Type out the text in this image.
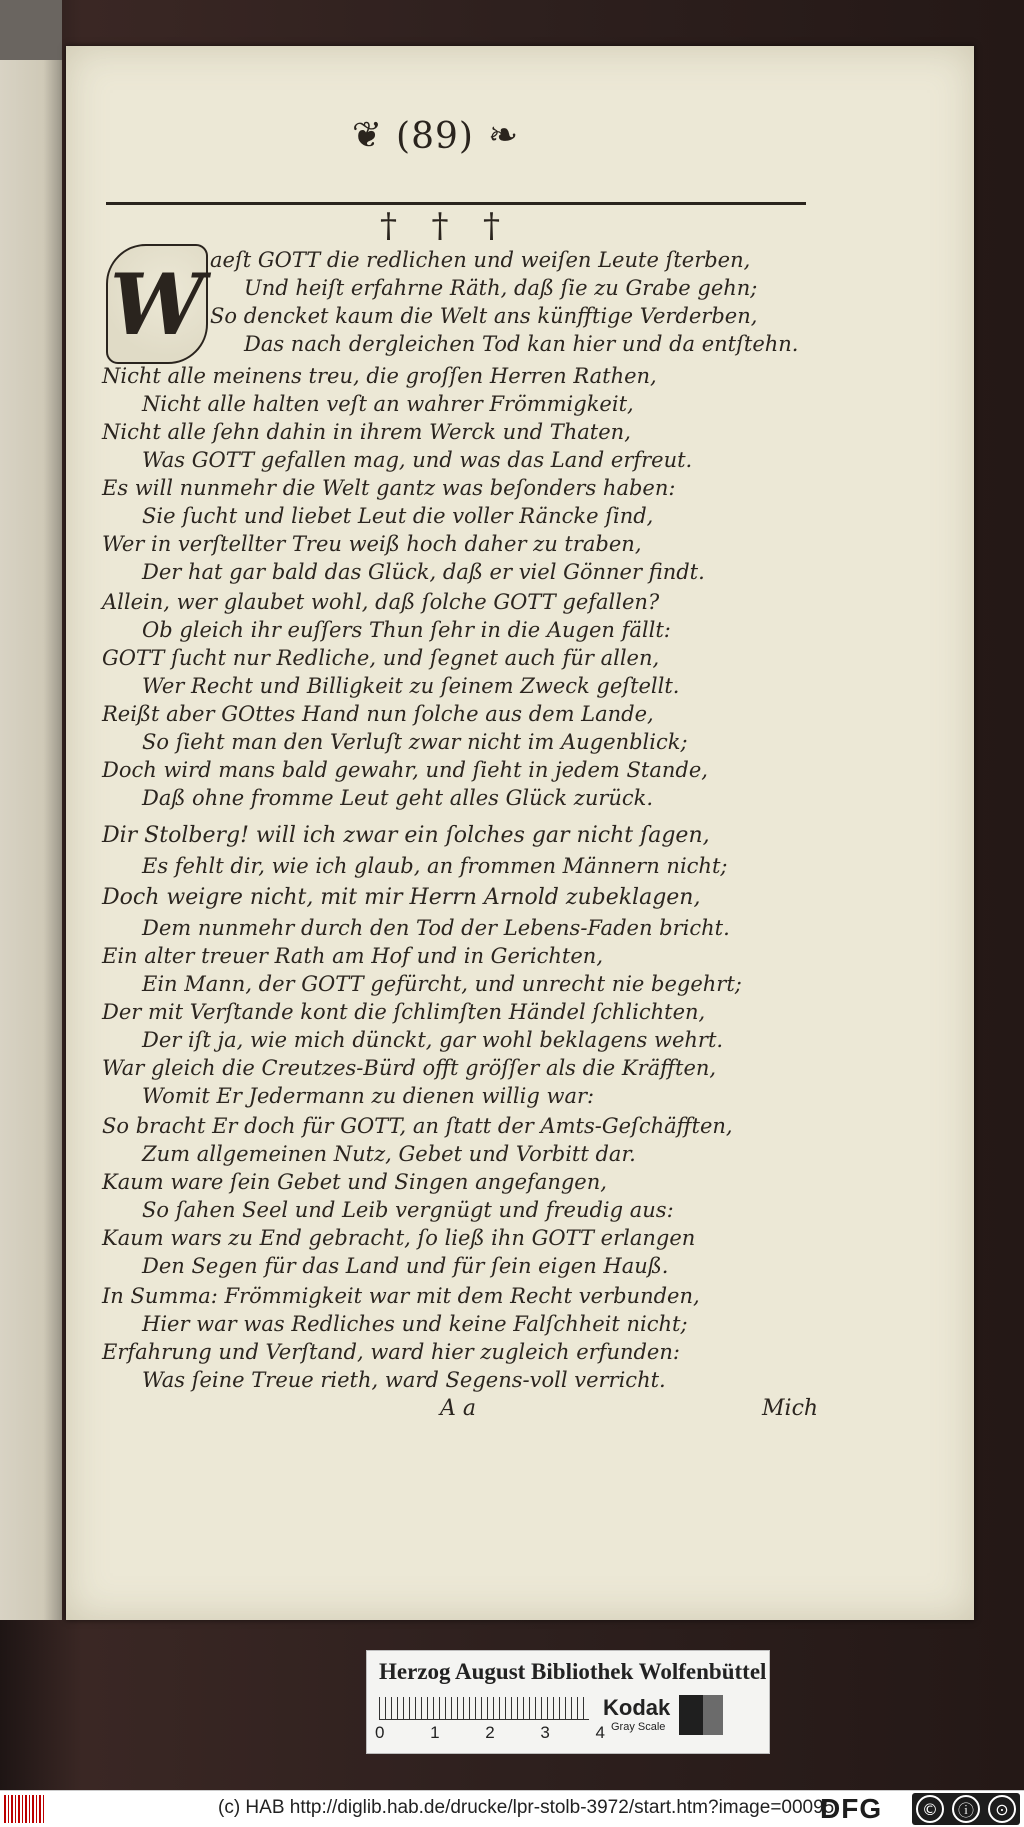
❦ (89) ❧
† † †
W aeſt GOTT die redlichen und weiſen Leute ſterben,
Und heiſt erfahrne Räth, daß ſie zu Grabe gehn;
So dencket kaum die Welt ans künfftige Verderben,
Das nach dergleichen Tod kan hier und da entſtehn.
Nicht alle meinens treu, die groſſen Herren Rathen,
Nicht alle halten veſt an wahrer Frömmigkeit,
Nicht alle ſehn dahin in ihrem Werck und Thaten,
Was GOTT gefallen mag, und was das Land erfreut.
Es will nunmehr die Welt gantz was beſonders haben:
Sie ſucht und liebet Leut die voller Räncke ſind,
Wer in verſtellter Treu weiß hoch daher zu traben,
Der hat gar bald das Glück, daß er viel Gönner findt.
Allein, wer glaubet wohl, daß ſolche GOTT gefallen?
Ob gleich ihr euſſers Thun ſehr in die Augen fällt:
GOTT ſucht nur Redliche, und ſegnet auch für allen,
Wer Recht und Billigkeit zu ſeinem Zweck geſtellt.
Reißt aber GOttes Hand nun ſolche aus dem Lande,
So ſieht man den Verluſt zwar nicht im Augenblick;
Doch wird mans bald gewahr, und ſieht in jedem Stande,
Daß ohne fromme Leut geht alles Glück zurück.
Dir Stolberg! will ich zwar ein ſolches gar nicht ſagen,
Es fehlt dir, wie ich glaub, an frommen Männern nicht;
Doch weigre nicht, mit mir Herrn Arnold zubeklagen,
Dem nunmehr durch den Tod der Lebens-Faden bricht.
Ein alter treuer Rath am Hof und in Gerichten,
Ein Mann, der GOTT gefürcht, und unrecht nie begehrt;
Der mit Verſtande kont die ſchlimſten Händel ſchlichten,
Der iſt ja, wie mich dünckt, gar wohl beklagens wehrt.
War gleich die Creutzes-Bürd offt gröſſer als die Kräfften,
Womit Er Jedermann zu dienen willig war:
So bracht Er doch für GOTT, an ſtatt der Amts-Geſchäfften,
Zum allgemeinen Nutz, Gebet und Vorbitt dar.
Kaum ware ſein Gebet und Singen angefangen,
So ſahen Seel und Leib vergnügt und freudig aus:
Kaum wars zu End gebracht, ſo ließ ihn GOTT erlangen
Den Segen für das Land und für ſein eigen Hauß.
In Summa: Frömmigkeit war mit dem Recht verbunden,
Hier war was Redliches und keine Falſchheit nicht;
Erfahrung und Verſtand, ward hier zugleich erfunden:
Was ſeine Treue rieth, ward Segens-voll verricht.
A a	Mich
Herzog August Bibliothek Wolfenbüttel
0	1	2	3	4
Kodak
Gray Scale
(c) HAB http://diglib.hab.de/drucke/lpr-stolb-3972/start.htm?image=00095
DFG	©	ⓘ	⊙
